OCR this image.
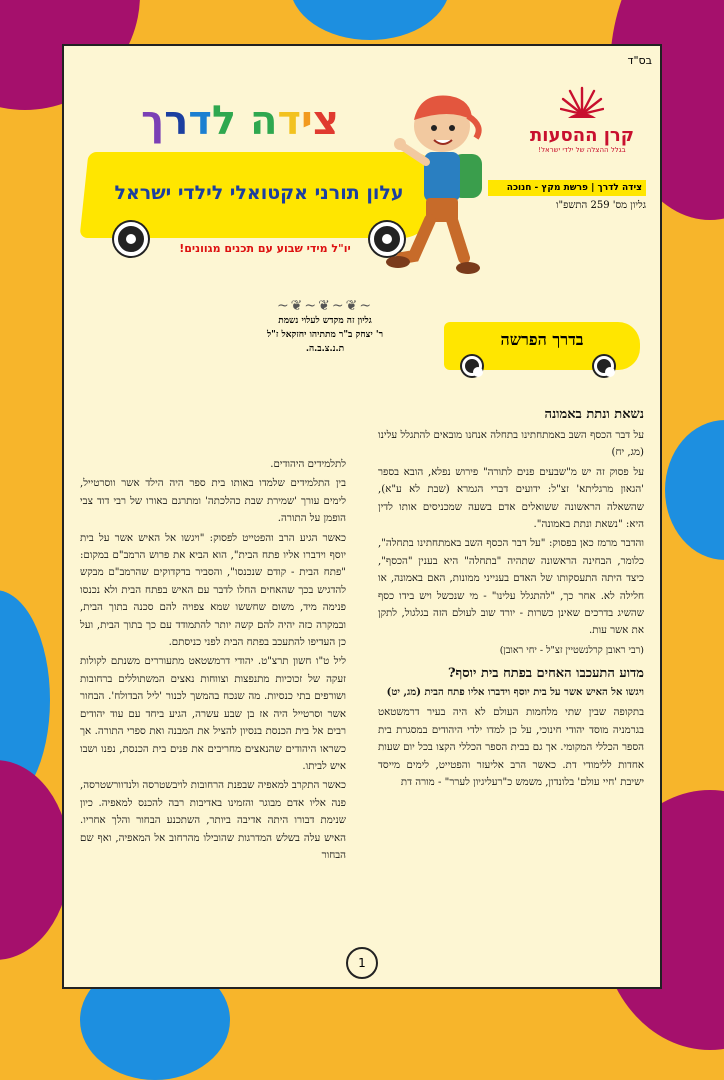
בס"ד
קרן ההסעות
בגלל ההצלה של ילדי ישראל!
צידה לדרך | פרשת מקץ - חנוכה
גליון מס' 259 התשפ"ו
צידה לדרך
עלון תורני אקטואלי לילדי ישראל
יו"ל מידי שבוע עם תכנים מגוונים!
~❦~❦~❦~
גליון זה מקדש לעלוי נשמת
ר' יצחק ב"ר מתתיהו יחזקאל ז"ל
ת.נ.צ.ב.ה.	בדרך הפרשה
נשאת ונתת באמונה

על דבר הכסף השב באמתחתינו בתחלה אנחנו מובאים להתגלל עלינו (מג, יח)

על פסוק זה יש מ"שבעים פנים לתורה" פירוש נפלא, הובא בספר 'הגאון מרגליתא' זצ"ל: ידועים דברי הגמרא (שבת לא ע"א), שהשאלה הראשונה ששואלים אדם בשעה שמכניסים אותו לדין היא: "נשאת ונתת באמונה".

והדבר מרמז כאן בפסוק: "על דבר הכסף השב באמתחתינו בתחלה", כלומר, הבחינה הראשונה שתהיה "בתחלה" היא בענין "הכסף", כיצד היתה התעסקותו של האדם בענייני ממונות, האם באמונה, או חלילה לא. אחר כך, "להתגלל עלינו" - מי שנכשל ויש בידו כסף שהשיג בדרכים שאינן כשרות - יורד שוב לעולם הזה בגלגול, לתקן את אשר עות.

(רבי ראובן קרלנשטיין זצ"ל - יחי ראובן)

מדוע התעכבו האחים בפתח בית יוסף?
ויגשו אל האיש אשר על בית יוסף וידברו אליו פתח הבית (מג, יט)

בתקופה שבין שתי מלחמות העולם לא היה בעיר דרמשטאט בגרמניה מוסד יהודי חינוכי, על כן למדו ילדי היהודים במסגרת בית הספר הכללי המקומי. אך גם בבית הספר הכללי הקצו בכל יום שעות אחדות ללימודי דת. כאשר הרב אליעזר והפטייט, לימים מייסד ישיבת 'חיי עולם' בלונדון, משמש כ"רעליגיון לערר" - מורה דת

לתלמידים היהודים.

בין התלמידים שלמדו באותו בית ספר היה הילד אשר ווסרטייל, לימים עורך 'שמירת שבת כהלכתה' ומתרגם באורו של רבי דוד צבי הופמן על התורה.

כאשר הגיע הרב והפטייט לפסוק: "ויגשו אל האיש אשר על בית יוסף וידברו אליו פתח הבית", הוא הביא את פרוש הרמב"ם במקום: "פתח הבית - קודם שנכנסו", והסביר בדקדוקים שהרמב"ם מבקש להדגיש בכך שהאחים החלו לדבר עם האיש בפתח הבית ולא נכנסו פנימה מיד, משום שחששו שמא צפויה להם סכנה בתוך הבית, ובמקרה כזה יהיה להם קשה יותר להתמודד עם כך בתוך הבית, ועל כן העדיפו להתעכב בפתח הבית לפני כניסתם.

ליל ט"ו חשון תרצ"ט. יהודי דרמשטאט מתעוררים משנתם לקולות זעקה של זכוכיות מתנפצות וצווחות נאצים המשתוללים ברחובות ושורפים בתי כנסיות. מה שנכח בהמשך לכנור 'ליל הבדולח'. הבחור אשר וסרטייל היה אז בן שבע עשרה, הגיע ביחד עם עוד יהודים רבים אל בית הכנסת בנסיון להציל את המבנה ואת ספרי התורה. אך כשראו היהודים שהנאצים מחריבים את פנים בית הכנסת, נפנו ושבו איש לביתו.

כאשר התקרב למאפיה שבפנת הרחובות לויבשטרסה ולנדוורשטרסה, פנה אליו אדם מבוגר והזמינו באדיבות רבה להכנס למאפיה. כיון שנימת דבורו היתה אדיבה ביותר, השתכנע הבחור והלך אחריו. האיש עלה בשלש המדרגות שהובילו מהרחוב אל המאפיה, ואף שם הבחור

1
